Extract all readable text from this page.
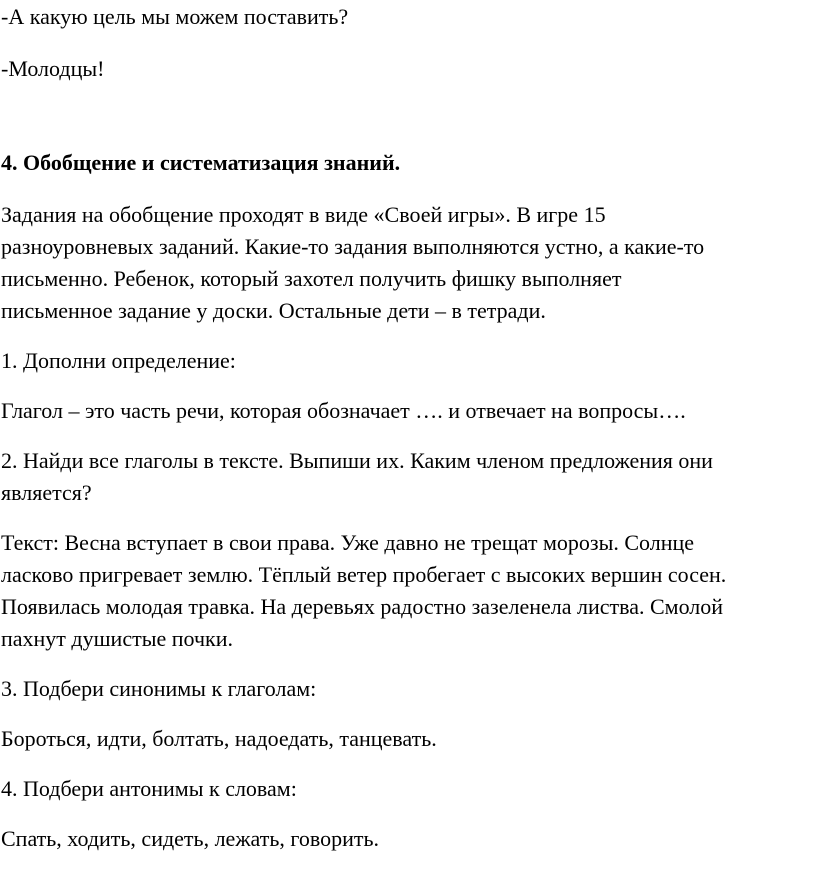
-А какую цель мы можем поставить?
-Молодцы!
4. Обобщение и систематизация знаний.
Задания на обобщение проходят в виде «Своей игры». В игре 15
разноуровневых заданий. Какие-то задания выполняются устно, а какие-то
письменно. Ребенок, который захотел получить фишку выполняет
письменное задание у доски. Остальные дети – в тетради.
1. Дополни определение:
Глагол – это часть речи, которая обозначает …. и отвечает на вопросы….
2. Найди все глаголы в тексте. Выпиши их. Каким членом предложения они
является?
Текст: Весна вступает в свои права. Уже давно не трещат морозы. Солнце
ласково пригревает землю. Тёплый ветер пробегает с высоких вершин сосен.
Появилась молодая травка. На деревьях радостно зазеленела листва. Смолой
пахнут душистые почки.
3. Подбери синонимы к глаголам:
Бороться, идти, болтать, надоедать, танцевать.
4. Подбери антонимы к словам:
Спать, ходить, сидеть, лежать, говорить.
